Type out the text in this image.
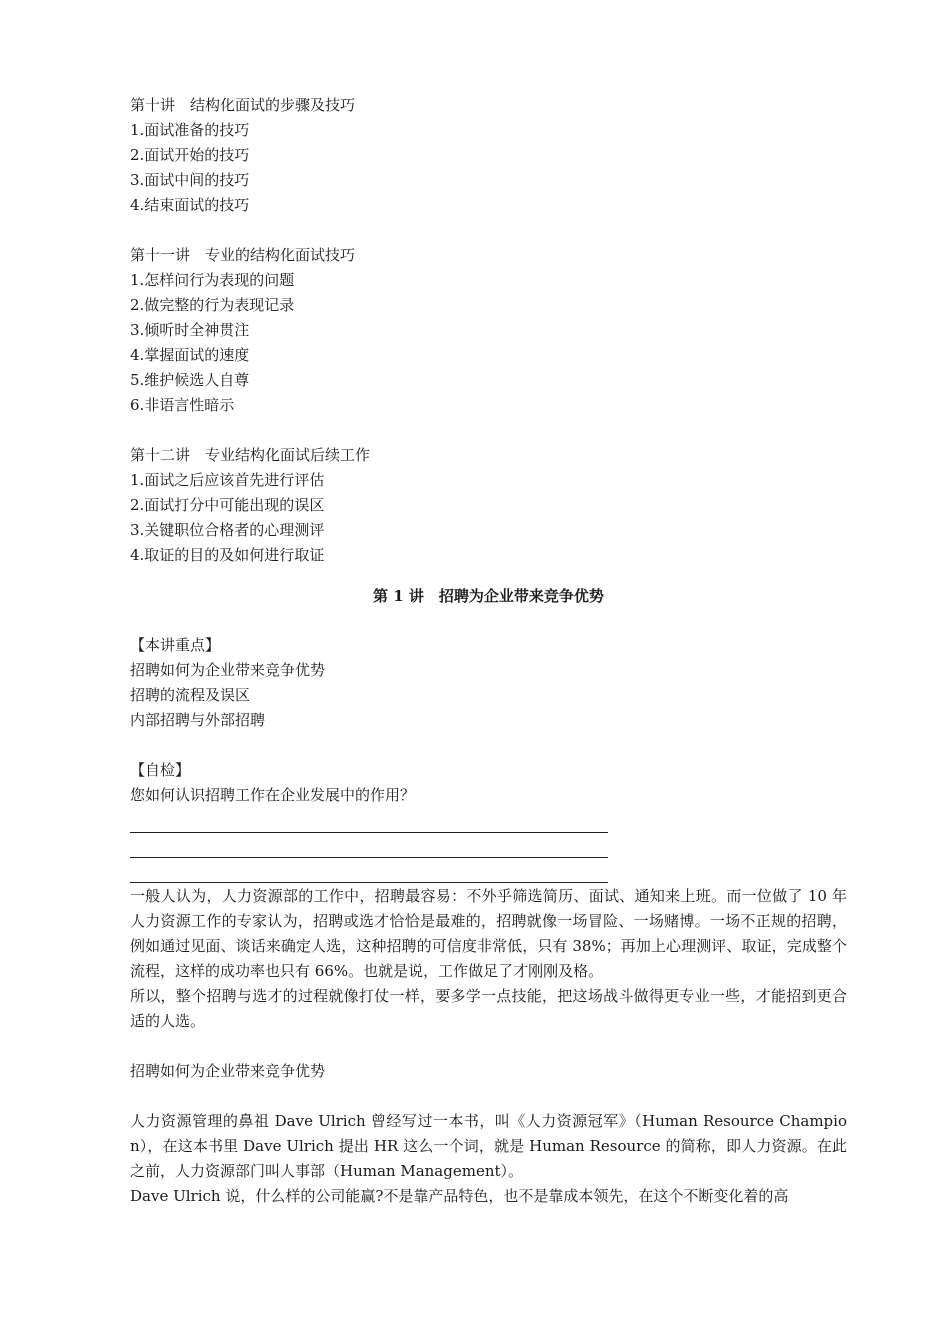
第十讲　结构化面试的步骤及技巧
1.面试准备的技巧
2.面试开始的技巧
3.面试中间的技巧
4.结束面试的技巧
第十一讲　专业的结构化面试技巧
1.怎样问行为表现的问题
2.做完整的行为表现记录
3.倾听时全神贯注
4.掌握面试的速度
5.维护候选人自尊
6.非语言性暗示
第十二讲　专业结构化面试后续工作
1.面试之后应该首先进行评估
2.面试打分中可能出现的误区
3.关键职位合格者的心理测评
4.取证的目的及如何进行取证
第 1 讲　招聘为企业带来竞争优势
【本讲重点】
招聘如何为企业带来竞争优势
招聘的流程及误区
内部招聘与外部招聘
【自检】
您如何认识招聘工作在企业发展中的作用？
一般人认为，人力资源部的工作中，招聘最容易：不外乎筛选简历、面试、通知来上班。而一位做了 10 年人力资源工作的专家认为，招聘或选才恰恰是最难的，招聘就像一场冒险、一场赌博。一场不正规的招聘，例如通过见面、谈话来确定人选，这种招聘的可信度非常低，只有 38%；再加上心理测评、取证，完成整个流程，这样的成功率也只有 66%。也就是说，工作做足了才刚刚及格。
所以，整个招聘与选才的过程就像打仗一样，要多学一点技能，把这场战斗做得更专业一些，才能招到更合适的人选。
招聘如何为企业带来竞争优势
人力资源管理的鼻祖 Dave Ulrich 曾经写过一本书，叫《人力资源冠军》（Human Resource Champion），在这本书里 Dave Ulrich 提出 HR 这么一个词，就是 Human Resource 的简称，即人力资源。在此之前，人力资源部门叫人事部（Human Management）。
Dave Ulrich 说，什么样的公司能赢?不是靠产品特色，也不是靠成本领先，在这个不断变化着的高
